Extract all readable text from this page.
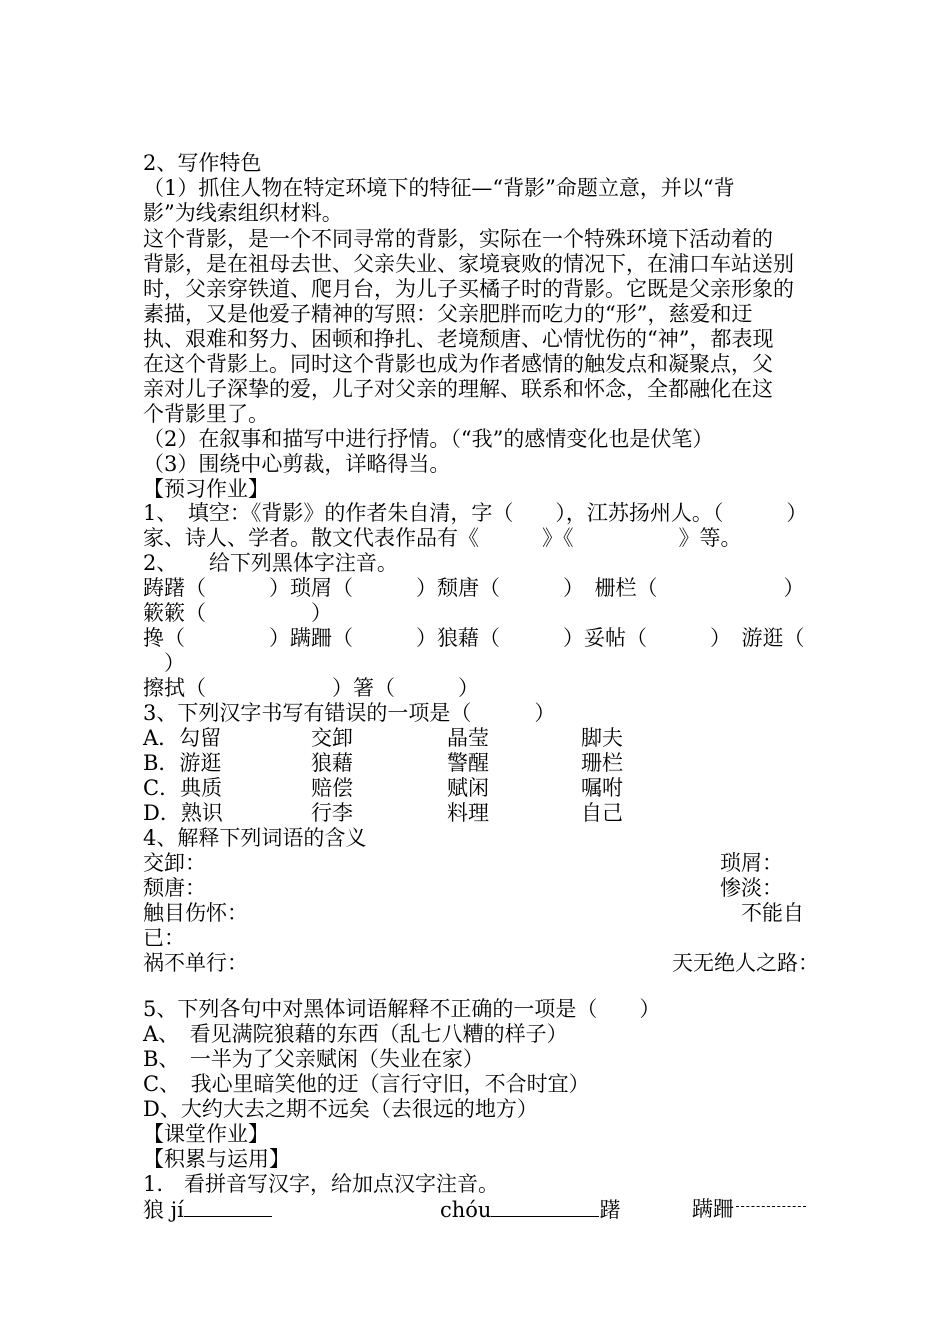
2、写作特色
（1）抓住人物在特定环境下的特征—“背影”命题立意，并以“背
影”为线索组织材料。
这个背影，是一个不同寻常的背影，实际在一个特殊环境下活动着的
背影，是在祖母去世、父亲失业、家境衰败的情况下，在浦口车站送别
时，父亲穿铁道、爬月台，为儿子买橘子时的背影。它既是父亲形象的
素描，又是他爱子精神的写照：父亲肥胖而吃力的“形”，慈爱和迂
执、艰难和努力、困顿和挣扎、老境颓唐、心情忧伤的“神”，都表现
在这个背影上。同时这个背影也成为作者感情的触发点和凝聚点，父
亲对儿子深挚的爱，儿子对父亲的理解、联系和怀念，全都融化在这
个背影里了。
（2）在叙事和描写中进行抒情。（“我”的感情变化也是伏笔）
（3）围绕中心剪裁，详略得当。
【预习作业】
1、　填空：《背影》的作者朱自清，字（　　），江苏扬州人。（　　　）
家、诗人、学者。散文代表作品有《　　　》《　　　　　》等。
2、　　给下列黑体字注音。
踌躇（　　　）琐屑（　　　）颓唐（　　　）　栅栏（　　　　　　）
簌簌（　　　　　）
搀（　　　　）蹒跚（　　　）狼藉（　　　）妥帖（　　　）　游逛（
　）
擦拭（　　　　　　）箸（　　　）
3、下列汉字书写有错误的一项是（　　　）
A．勾留	交卸	晶莹	脚夫
B．游逛	狼藉	警醒	珊栏
C．典质	赔偿	赋闲	嘱咐
D．熟识	行李	料理	自己
4、解释下列词语的含义
交卸：	琐屑：
颓唐：	惨淡：
触目伤怀：	不能自
已：
祸不单行：	天无绝人之路：
5、下列各句中对黑体词语解释不正确的一项是（　　）
A、　看见满院狼藉的东西（乱七八糟的样子）
B、　一半为了父亲赋闲（失业在家）
C、　我心里暗笑他的迂（言行守旧，不合时宜）
D、大约大去之期不远矣（去很远的地方）
【课堂作业】
【积累与运用】
1.　看拼音写汉字，给加点汉字注音。
狼 jí	chóu	躇	蹒跚
